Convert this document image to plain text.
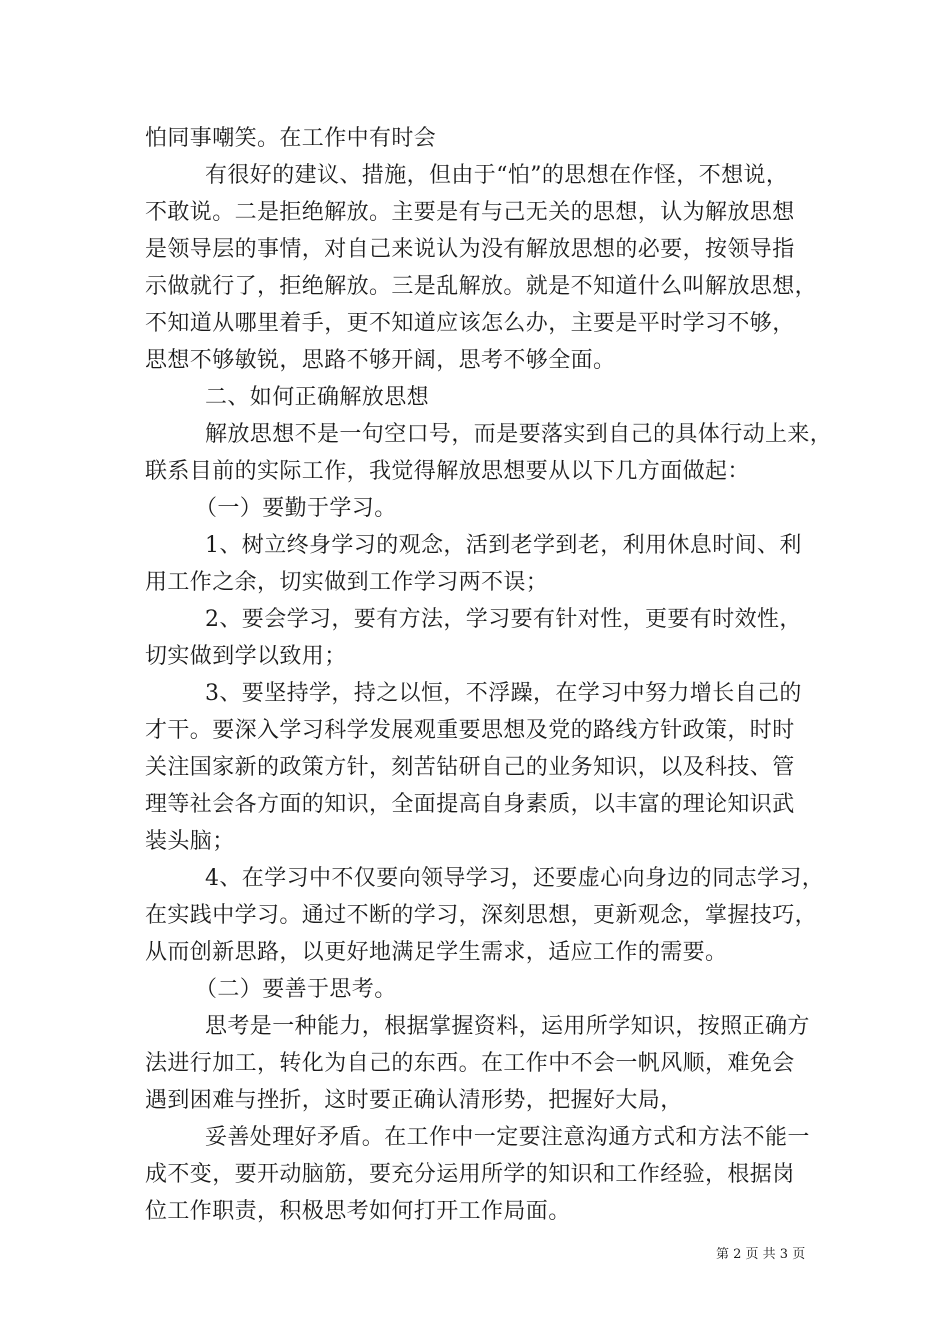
怕同事嘲笑。在工作中有时会
有很好的建议、措施，但由于“怕”的思想在作怪，不想说，
不敢说。二是拒绝解放。主要是有与己无关的思想，认为解放思想
是领导层的事情，对自己来说认为没有解放思想的必要，按领导指
示做就行了，拒绝解放。三是乱解放。就是不知道什么叫解放思想，
不知道从哪里着手，更不知道应该怎么办，主要是平时学习不够，
思想不够敏锐，思路不够开阔，思考不够全面。
二、如何正确解放思想
解放思想不是一句空口号，而是要落实到自己的具体行动上来，
联系目前的实际工作，我觉得解放思想要从以下几方面做起：
（一）要勤于学习。
1、树立终身学习的观念，活到老学到老，利用休息时间、利
用工作之余，切实做到工作学习两不误；
2、要会学习，要有方法，学习要有针对性，更要有时效性，
切实做到学以致用；
3、要坚持学，持之以恒，不浮躁，在学习中努力增长自己的
才干。要深入学习科学发展观重要思想及党的路线方针政策，时时
关注国家新的政策方针，刻苦钻研自己的业务知识，以及科技、管
理等社会各方面的知识，全面提高自身素质，以丰富的理论知识武
装头脑；
4、在学习中不仅要向领导学习，还要虚心向身边的同志学习，
在实践中学习。通过不断的学习，深刻思想，更新观念，掌握技巧，
从而创新思路，以更好地满足学生需求，适应工作的需要。
（二）要善于思考。
思考是一种能力，根据掌握资料，运用所学知识，按照正确方
法进行加工，转化为自己的东西。在工作中不会一帆风顺，难免会
遇到困难与挫折，这时要正确认清形势，把握好大局，
妥善处理好矛盾。在工作中一定要注意沟通方式和方法不能一
成不变，要开动脑筋，要充分运用所学的知识和工作经验，根据岗
位工作职责，积极思考如何打开工作局面。
第 2 页 共 3 页
